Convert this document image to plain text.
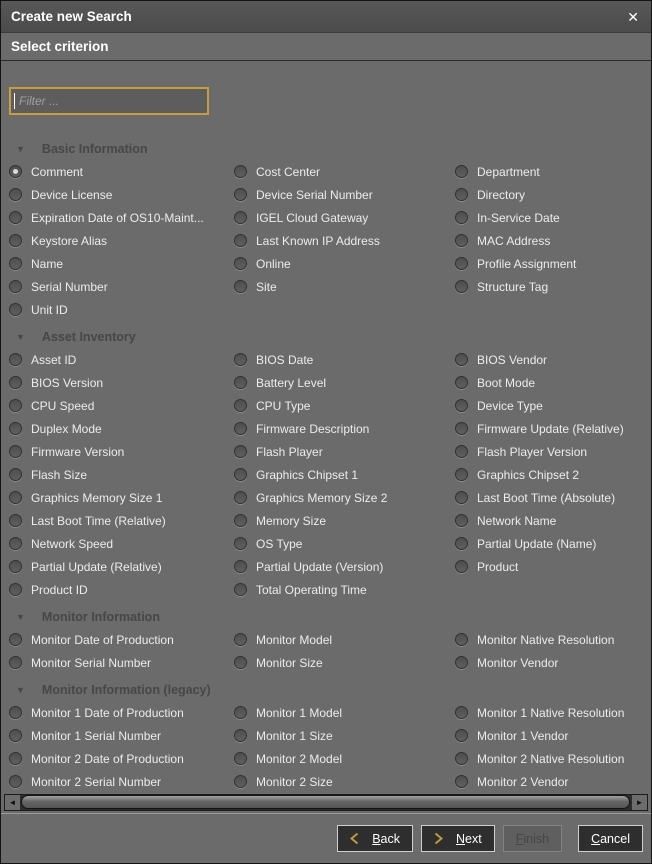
Create new Search	✕
Select criterion
Filter ...
▼ Basic Information
Comment	Cost Center	Department
Device License	Device Serial Number	Directory
Expiration Date of OS10-Maint...	IGEL Cloud Gateway	In-Service Date
Keystore Alias	Last Known IP Address	MAC Address
Name	Online	Profile Assignment
Serial Number	Site	Structure Tag
Unit ID
▼ Asset Inventory
Asset ID	BIOS Date	BIOS Vendor
BIOS Version	Battery Level	Boot Mode
CPU Speed	CPU Type	Device Type
Duplex Mode	Firmware Description	Firmware Update (Relative)
Firmware Version	Flash Player	Flash Player Version
Flash Size	Graphics Chipset 1	Graphics Chipset 2
Graphics Memory Size 1	Graphics Memory Size 2	Last Boot Time (Absolute)
Last Boot Time (Relative)	Memory Size	Network Name
Network Speed	OS Type	Partial Update (Name)
Partial Update (Relative)	Partial Update (Version)	Product
Product ID	Total Operating Time
▼ Monitor Information
Monitor Date of Production	Monitor Model	Monitor Native Resolution
Monitor Serial Number	Monitor Size	Monitor Vendor
▼ Monitor Information (legacy)
Monitor 1 Date of Production	Monitor 1 Model	Monitor 1 Native Resolution
Monitor 1 Serial Number	Monitor 1 Size	Monitor 1 Vendor
Monitor 2 Date of Production	Monitor 2 Model	Monitor 2 Native Resolution
Monitor 2 Serial Number	Monitor 2 Size	Monitor 2 Vendor
◄	►
Back	Next	Finish	Cancel
